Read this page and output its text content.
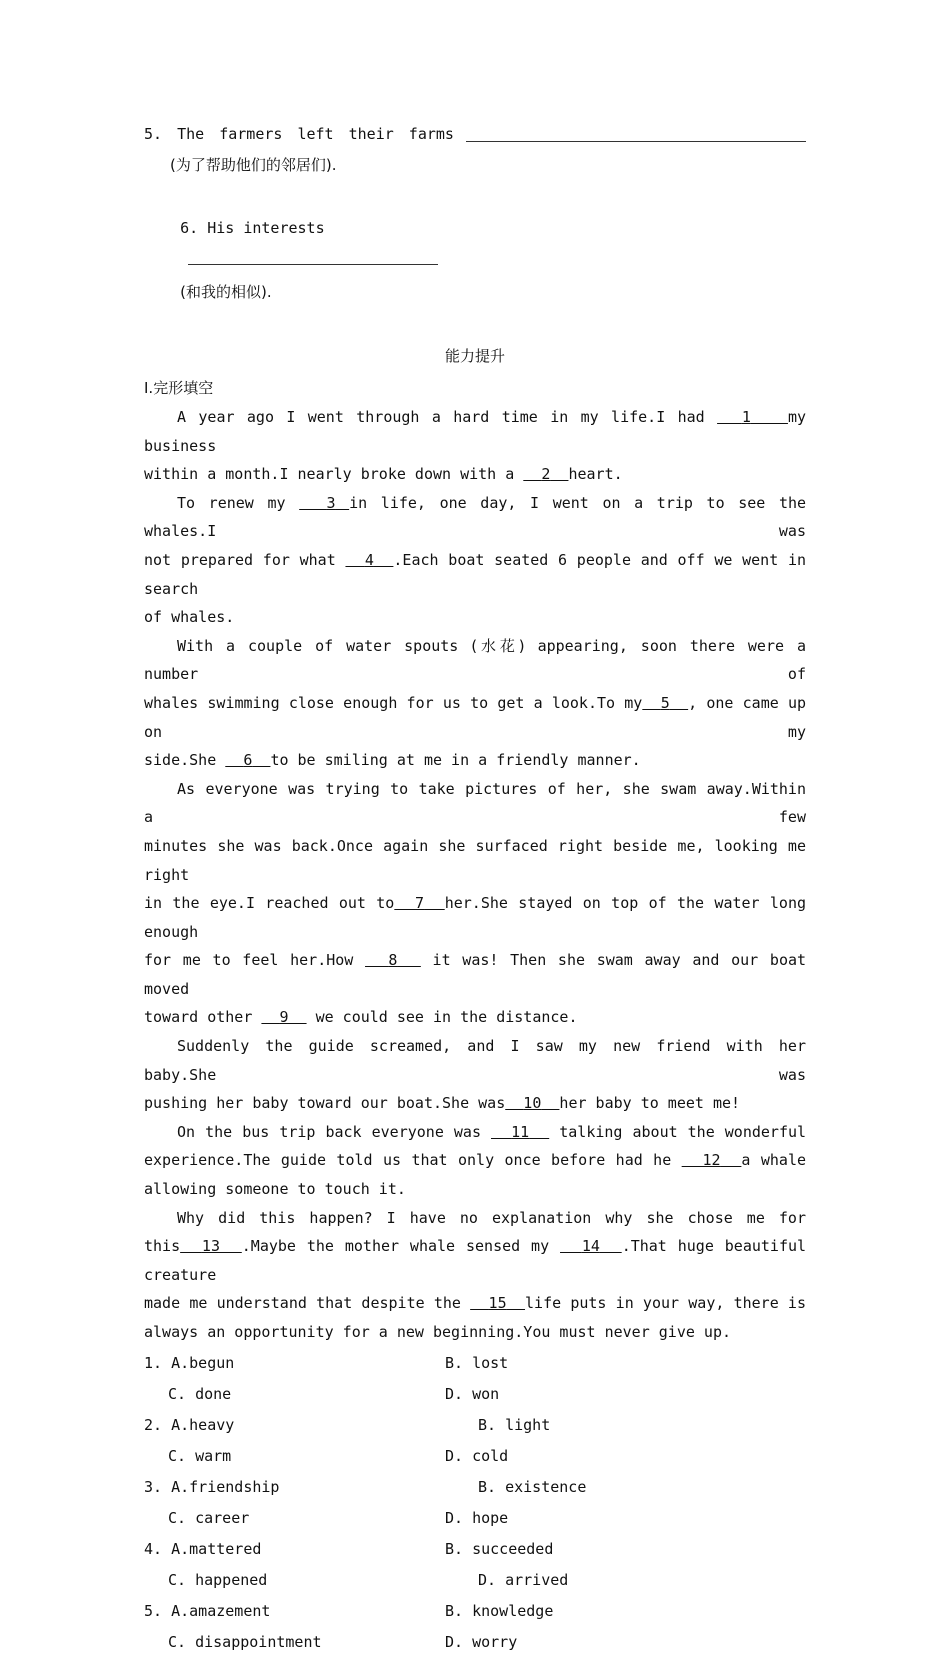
5. The farmers left their farms
(为了帮助他们的邻居们).

6. His interests

(和我的相似).

能力提升
Ⅰ.完形填空
A year ago I went through a hard time in my life.I had 1 my business
within a month.I nearly broke down with a 2 heart.
To renew my	3 in life, one day, I went on a trip to see the whales.I was
not prepared for what 4 .Each boat seated 6 people and off we went in search
of whales.
With a couple of water spouts (水花) appearing, soon there were a number of
whales swimming close enough for us to get a look.To my 5 , one came up on my
side.She 6 to be smiling at me in a friendly manner.
As everyone was trying to take pictures of her, she swam away.Within a few
minutes she was back.Once again she surfaced right beside me, looking me right
in the eye.I reached out to 7 her.She stayed on top of the water long enough
for me to feel her.How 8 it was! Then she swam away and our boat moved
toward other 9 we could see in the distance.
Suddenly the guide screamed, and I saw my new friend with her baby.She was
pushing her baby toward our boat.She was 10 her baby to meet me!
On the bus trip back everyone was 11 talking about the wonderful
experience.The guide told us that only once before had he 12 a whale
allowing someone to touch it.
Why did this happen? I have no explanation why she chose me for
this 13 .Maybe the mother whale sensed my 14 .That huge beautiful creature
made me understand that despite the 15 life puts in your way, there is
always an opportunity for a new beginning.You must never give up.
1. A.begun	B. lost
C. done	D. won
2. A.heavy	B. light
C. warm	D. cold
3. A.friendship	B. existence
C. career	D. hope
4. A.mattered	B. succeeded
C. happened	D. arrived
5. A.amazement	B. knowledge
C. disappointment	D. worry
